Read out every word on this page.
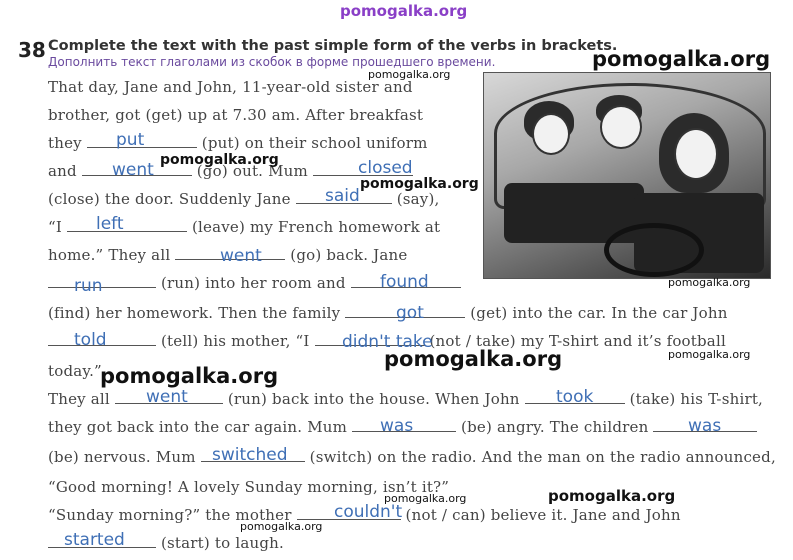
pomogalka.org
38 Complete the text with the past simple form of the verbs in brackets.
Дополнить текст глаголами из скобок в форме прошедшего времени.
That day, Jane and John, 11-year-old sister and
brother, got (get) up at 7.30 am. After breakfast
they	(put) on their school uniform
and	(go) out. Mum
(close) the door. Suddenly Jane	(say),
“I	(leave) my French homework at
home.” They all	(go) back. Jane
(run) into her room and
(find) her homework. Then the family	(get) into the car. In the car John
(tell) his mother, “I	(not / take) my T-shirt and it’s football
today.”
They all	(run) back into the house. When John	(take) his T-shirt,
they got back into the car again. Mum	(be) angry. The children
(be) nervous. Mum	(switch) on the radio. And the man on the radio announced,
“Good morning! A lovely Sunday morning, isn’t it?”
“Sunday morning?” the mother	(not / can) believe it. Jane and John
(start) to laugh.
put
went	closed
said
left
went
run	found
got
told	didn't take
went	took
was	was
switched
couldn't
started
pomogalka.org
pomogalka.org
pomogalka.org
pomogalka.org
pomogalka.org
pomogalka.org	pomogalka.org
pomogalka.org
pomogalka.org
pomogalka.org
pomogalka.org
